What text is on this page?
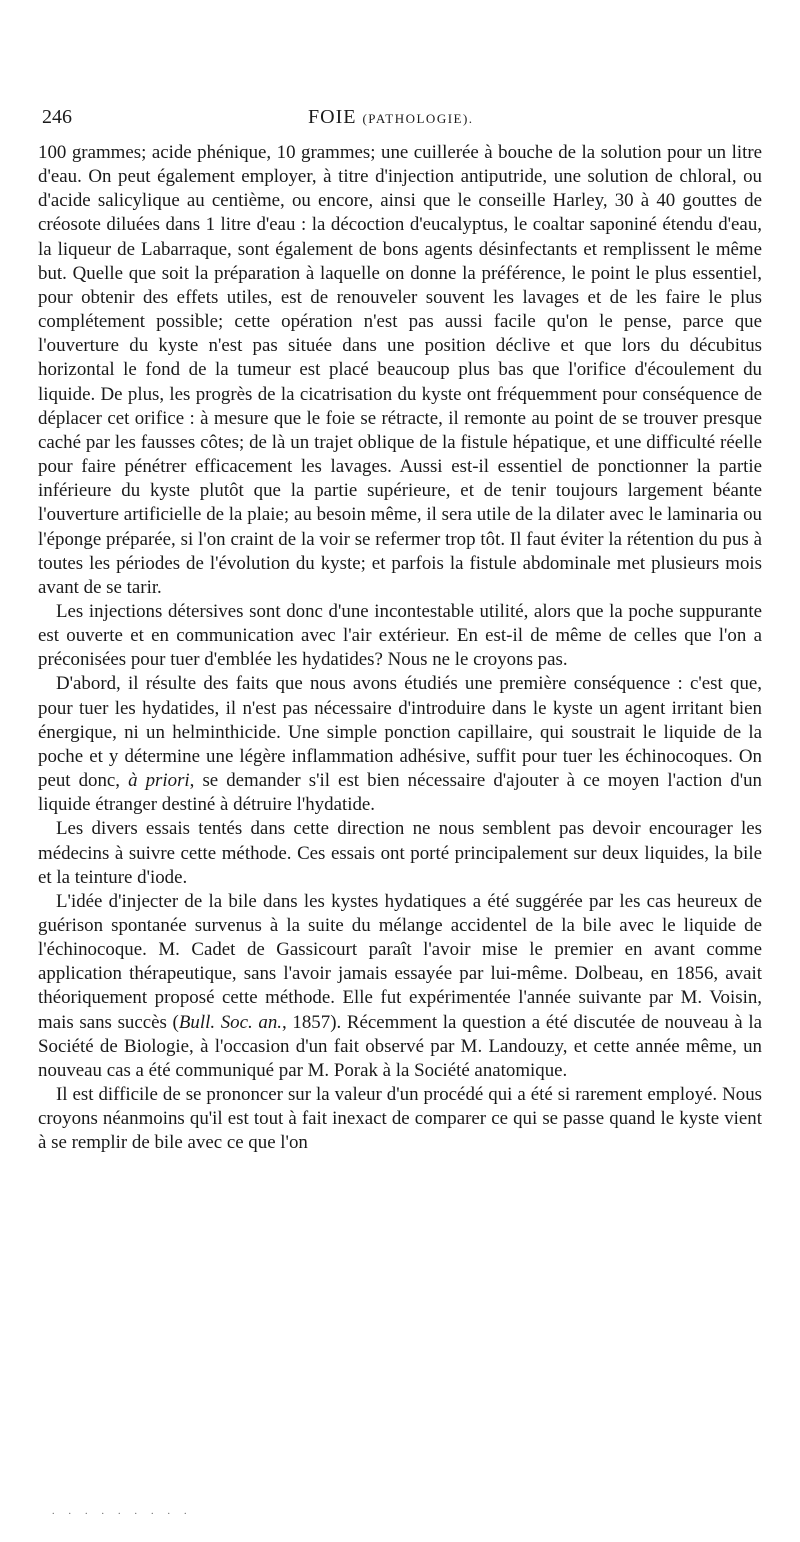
246	FOIE (PATHOLOGIE).

100 grammes; acide phénique, 10 grammes; une cuillerée à bouche de la solution pour un litre d'eau. On peut également employer, à titre d'injection antiputride, une solution de chloral, ou d'acide salicylique au centième, ou encore, ainsi que le conseille Harley, 30 à 40 gouttes de créosote diluées dans 1 litre d'eau : la décoction d'eucalyptus, le coaltar saponiné étendu d'eau, la liqueur de Labarraque, sont également de bons agents désinfectants et remplissent le même but. Quelle que soit la préparation à laquelle on donne la préférence, le point le plus essentiel, pour obtenir des effets utiles, est de renouveler souvent les lavages et de les faire le plus complétement possible; cette opération n'est pas aussi facile qu'on le pense, parce que l'ouverture du kyste n'est pas située dans une position déclive et que lors du décubitus horizontal le fond de la tumeur est placé beaucoup plus bas que l'orifice d'écoulement du liquide. De plus, les progrès de la cicatrisation du kyste ont fréquemment pour conséquence de déplacer cet orifice : à mesure que le foie se rétracte, il remonte au point de se trouver presque caché par les fausses côtes; de là un trajet oblique de la fistule hépatique, et une difficulté réelle pour faire pénétrer efficacement les lavages. Aussi est-il essentiel de ponctionner la partie inférieure du kyste plutôt que la partie supérieure, et de tenir toujours largement béante l'ouverture artificielle de la plaie; au besoin même, il sera utile de la dilater avec le laminaria ou l'éponge préparée, si l'on craint de la voir se refermer trop tôt. Il faut éviter la rétention du pus à toutes les périodes de l'évolution du kyste; et parfois la fistule abdominale met plusieurs mois avant de se tarir.

Les injections détersives sont donc d'une incontestable utilité, alors que la poche suppurante est ouverte et en communication avec l'air extérieur. En est-il de même de celles que l'on a préconisées pour tuer d'emblée les hydatides? Nous ne le croyons pas.

D'abord, il résulte des faits que nous avons étudiés une première conséquence : c'est que, pour tuer les hydatides, il n'est pas nécessaire d'introduire dans le kyste un agent irritant bien énergique, ni un helminthicide. Une simple ponction capillaire, qui soustrait le liquide de la poche et y détermine une légère inflammation adhésive, suffit pour tuer les échinocoques. On peut donc, à priori, se demander s'il est bien nécessaire d'ajouter à ce moyen l'action d'un liquide étranger destiné à détruire l'hydatide.

Les divers essais tentés dans cette direction ne nous semblent pas devoir encourager les médecins à suivre cette méthode. Ces essais ont porté principalement sur deux liquides, la bile et la teinture d'iode.

L'idée d'injecter de la bile dans les kystes hydatiques a été suggérée par les cas heureux de guérison spontanée survenus à la suite du mélange accidentel de la bile avec le liquide de l'échinocoque. M. Cadet de Gassicourt paraît l'avoir mise le premier en avant comme application thérapeutique, sans l'avoir jamais essayée par lui-même. Dolbeau, en 1856, avait théoriquement proposé cette méthode. Elle fut expérimentée l'année suivante par M. Voisin, mais sans succès (Bull. Soc. an., 1857). Récemment la question a été discutée de nouveau à la Société de Biologie, à l'occasion d'un fait observé par M. Landouzy, et cette année même, un nouveau cas a été communiqué par M. Porak à la Société anatomique.

Il est difficile de se prononcer sur la valeur d'un procédé qui a été si rarement employé. Nous croyons néanmoins qu'il est tout à fait inexact de comparer ce qui se passe quand le kyste vient à se remplir de bile avec ce que l'on

.........
